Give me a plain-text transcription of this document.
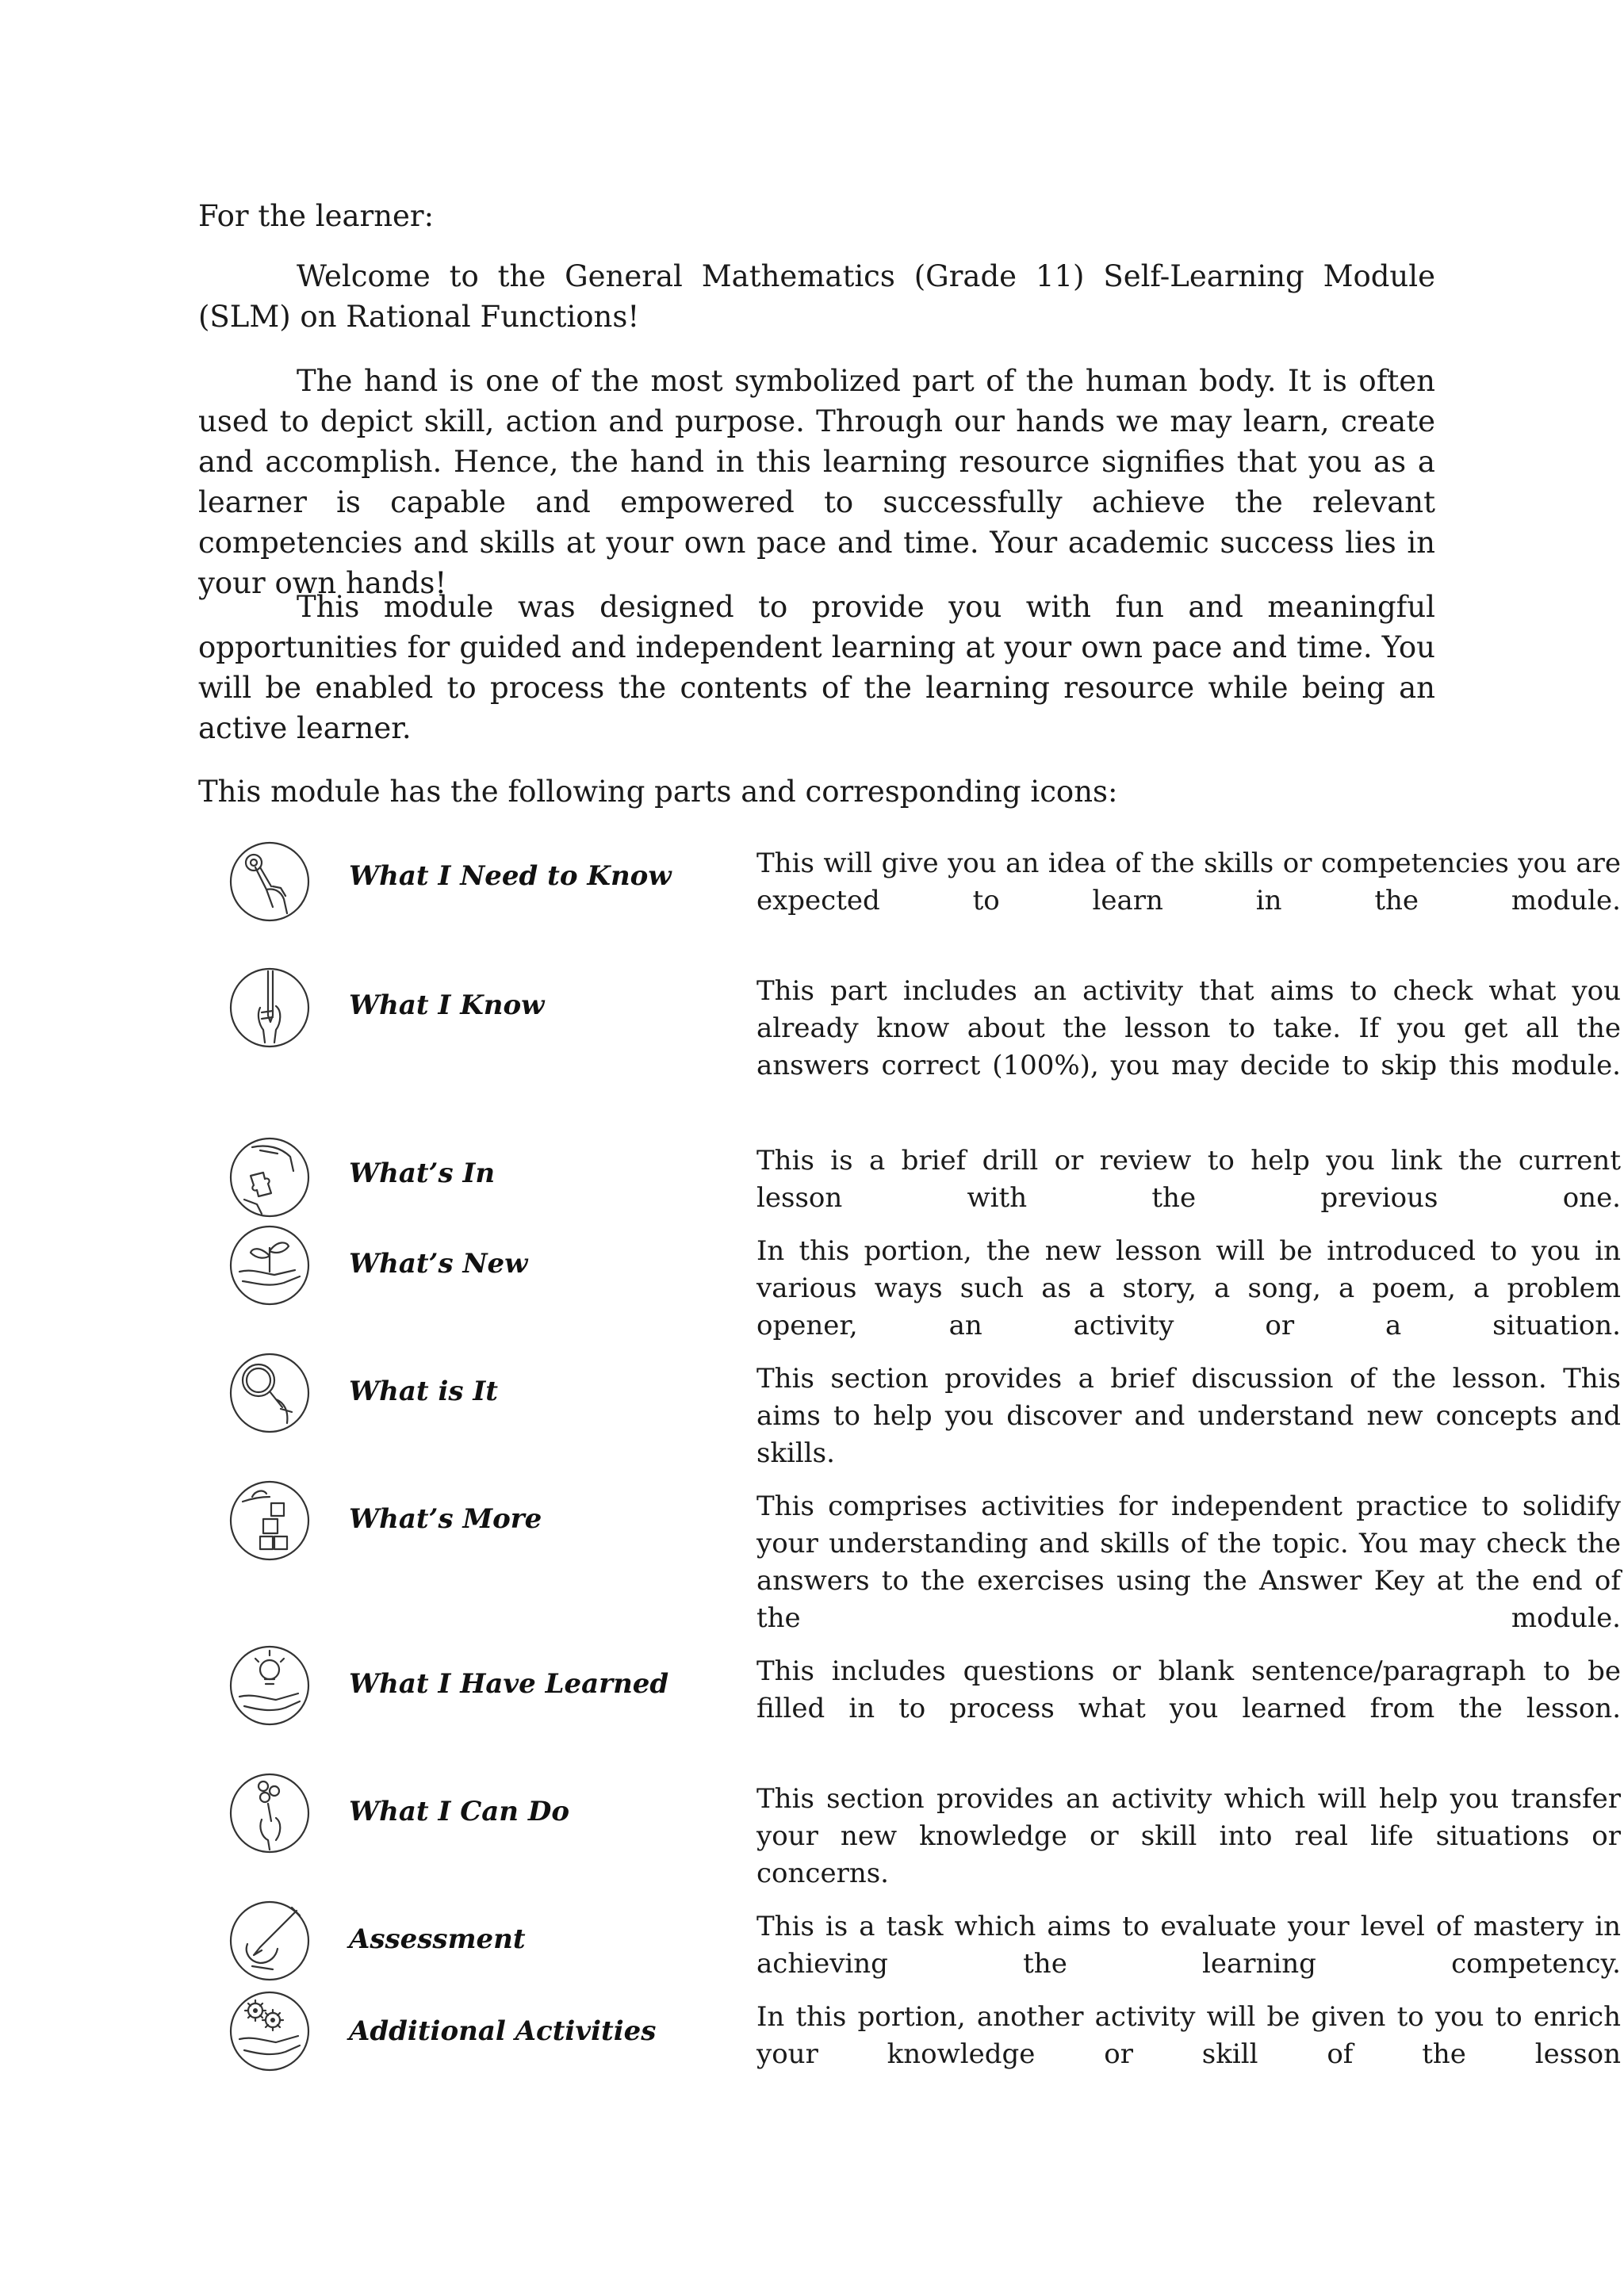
For the learner:
Welcome to the General Mathematics (Grade 11) Self-Learning Module (SLM) on Rational Functions!
The hand is one of the most symbolized part of the human body. It is often used to depict skill, action and purpose. Through our hands we may learn, create and accomplish. Hence, the hand in this learning resource signifies that you as a learner is capable and empowered to successfully achieve the relevant competencies and skills at your own pace and time. Your academic success lies in your own hands!
This module was designed to provide you with fun and meaningful opportunities for guided and independent learning at your own pace and time. You will be enabled to process the contents of the learning resource while being an active learner.
This module has the following parts and corresponding icons:
What I Need to Know	This will give you an idea of the skills or competencies you are expected to learn in the module.
What I Know	This part includes an activity that aims to check what you already know about the lesson to take. If you get all the answers correct (100%), you may decide to skip this module.
What’s In	This is a brief drill or review to help you link the current lesson with the previous one.
What’s New	In this portion, the new lesson will be introduced to you in various ways such as a story, a song, a poem, a problem opener, an activity or a situation.
What is It	This section provides a brief discussion of the lesson. This aims to help you discover and understand new concepts and skills.
What’s More	This comprises activities for independent practice to solidify your understanding and skills of the topic. You may check the answers to the exercises using the Answer Key at the end of the module.
What I Have Learned	This includes questions or blank sentence/paragraph to be filled in to process what you learned from the lesson.
What I Can Do	This section provides an activity which will help you transfer your new knowledge or skill into real life situations or concerns.
Assessment	This is a task which aims to evaluate your level of mastery in achieving the learning competency.
Additional Activities	In this portion, another activity will be given to you to enrich your knowledge or skill of the lesson
